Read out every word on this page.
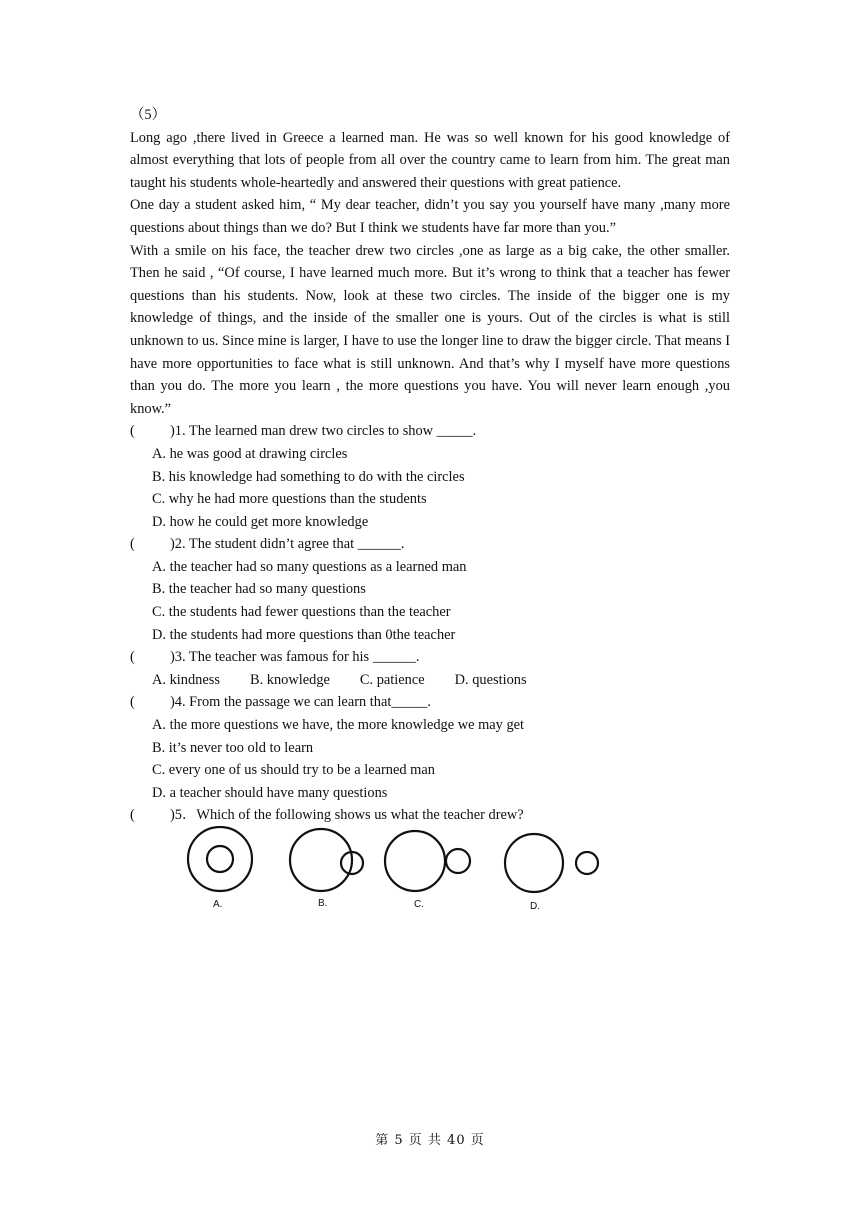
（5）

Long ago ,there lived in Greece a learned man. He was so well known for his good knowledge of almost everything that lots of people from all over the country came to learn from him. The great man taught his students whole-heartedly and answered their questions with great patience.

One day a student asked him, “ My dear teacher, didn’t you say you yourself have many ,many more questions about things than we do? But I think we students have far more than you.”

With a smile on his face, the teacher drew two circles ,one as large as a big cake, the other smaller. Then he said , “Of course, I have learned much more. But it’s wrong to think that a teacher has fewer questions than his students. Now, look at these two circles. The inside of the bigger one is my knowledge of things, and the inside of the smaller one is yours. Out of the circles is what is still unknown to us. Since mine is larger, I have to use the longer line to draw the bigger circle. That means I have more opportunities to face what is still unknown. And that’s why I myself have more questions than you do. The more you learn , the more questions you have. You will never learn enough ,you know.”

( )1. The learned man drew two circles to show _____.

A. he was good at drawing circles

B. his knowledge had something to do with the circles

C. why he had more questions than the students

D. how he could get more knowledge

( )2. The student didn’t agree that ______.

A. the teacher had so many questions as a learned man

B. the teacher had so many questions

C. the students had fewer questions than the teacher

D. the students had more questions than 0the teacher

( )3. The teacher was famous for his ______.

A. kindness B. knowledge C. patience D. questions

( )4. From the passage we can learn that_____.

A. the more questions we have, the more knowledge we may get

B. it’s never too old to learn

C. every one of us should try to be a learned man

D. a teacher should have many questions

( )5．Which of the following shows us what the teacher drew?

A.	B.	C.	D.
第 5 页 共 40 页
